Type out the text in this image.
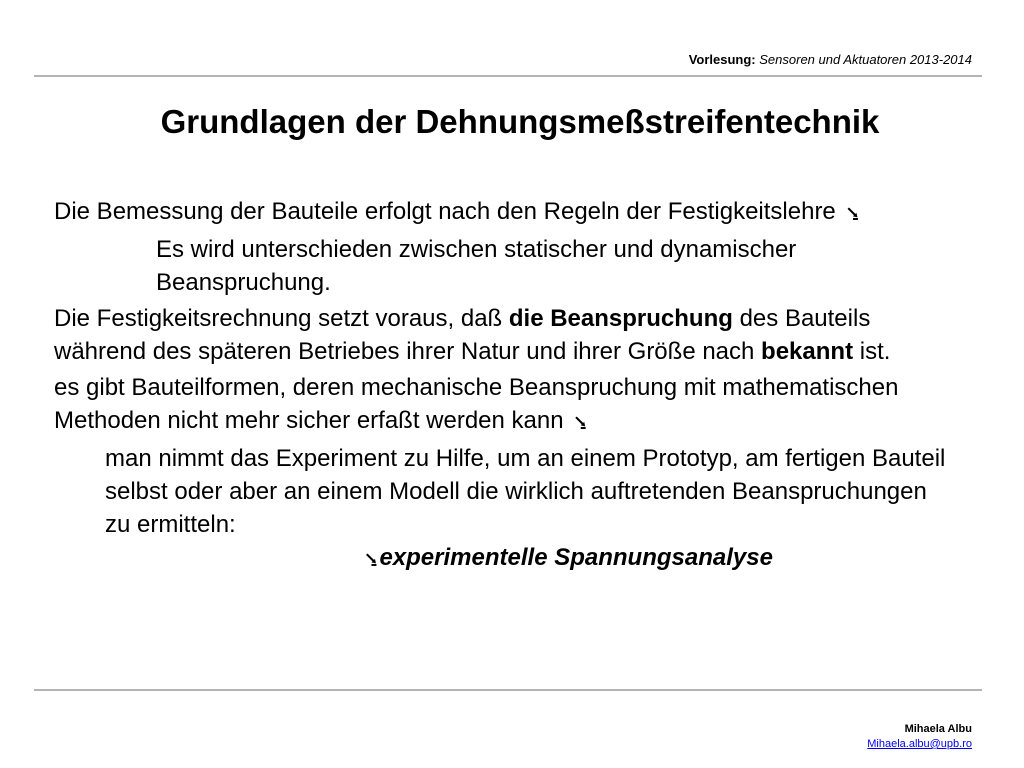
Vorlesung: Sensoren und Aktuatoren 2013-2014
Grundlagen der Dehnungsmeßstreifentechnik

Die Bemessung der Bauteile erfolgt nach den Regeln der Festigkeitslehre ⭸

Es wird unterschieden zwischen statischer und dynamischer Beanspruchung.

Die Festigkeitsrechnung setzt voraus, daß die Beanspruchung des Bauteils während des späteren Betriebes ihrer Natur und ihrer Größe nach bekannt ist.

es gibt Bauteilformen, deren mechanische Beanspruchung mit mathematischen Methoden nicht mehr sicher erfaßt werden kann ⭸

man nimmt das Experiment zu Hilfe, um an einem Prototyp, am fertigen Bauteil selbst oder aber an einem Modell die wirklich auftretenden Beanspruchungen zu ermitteln:

⭸experimentelle Spannungsanalyse

Mihaela Albu
Mihaela.albu@upb.ro
